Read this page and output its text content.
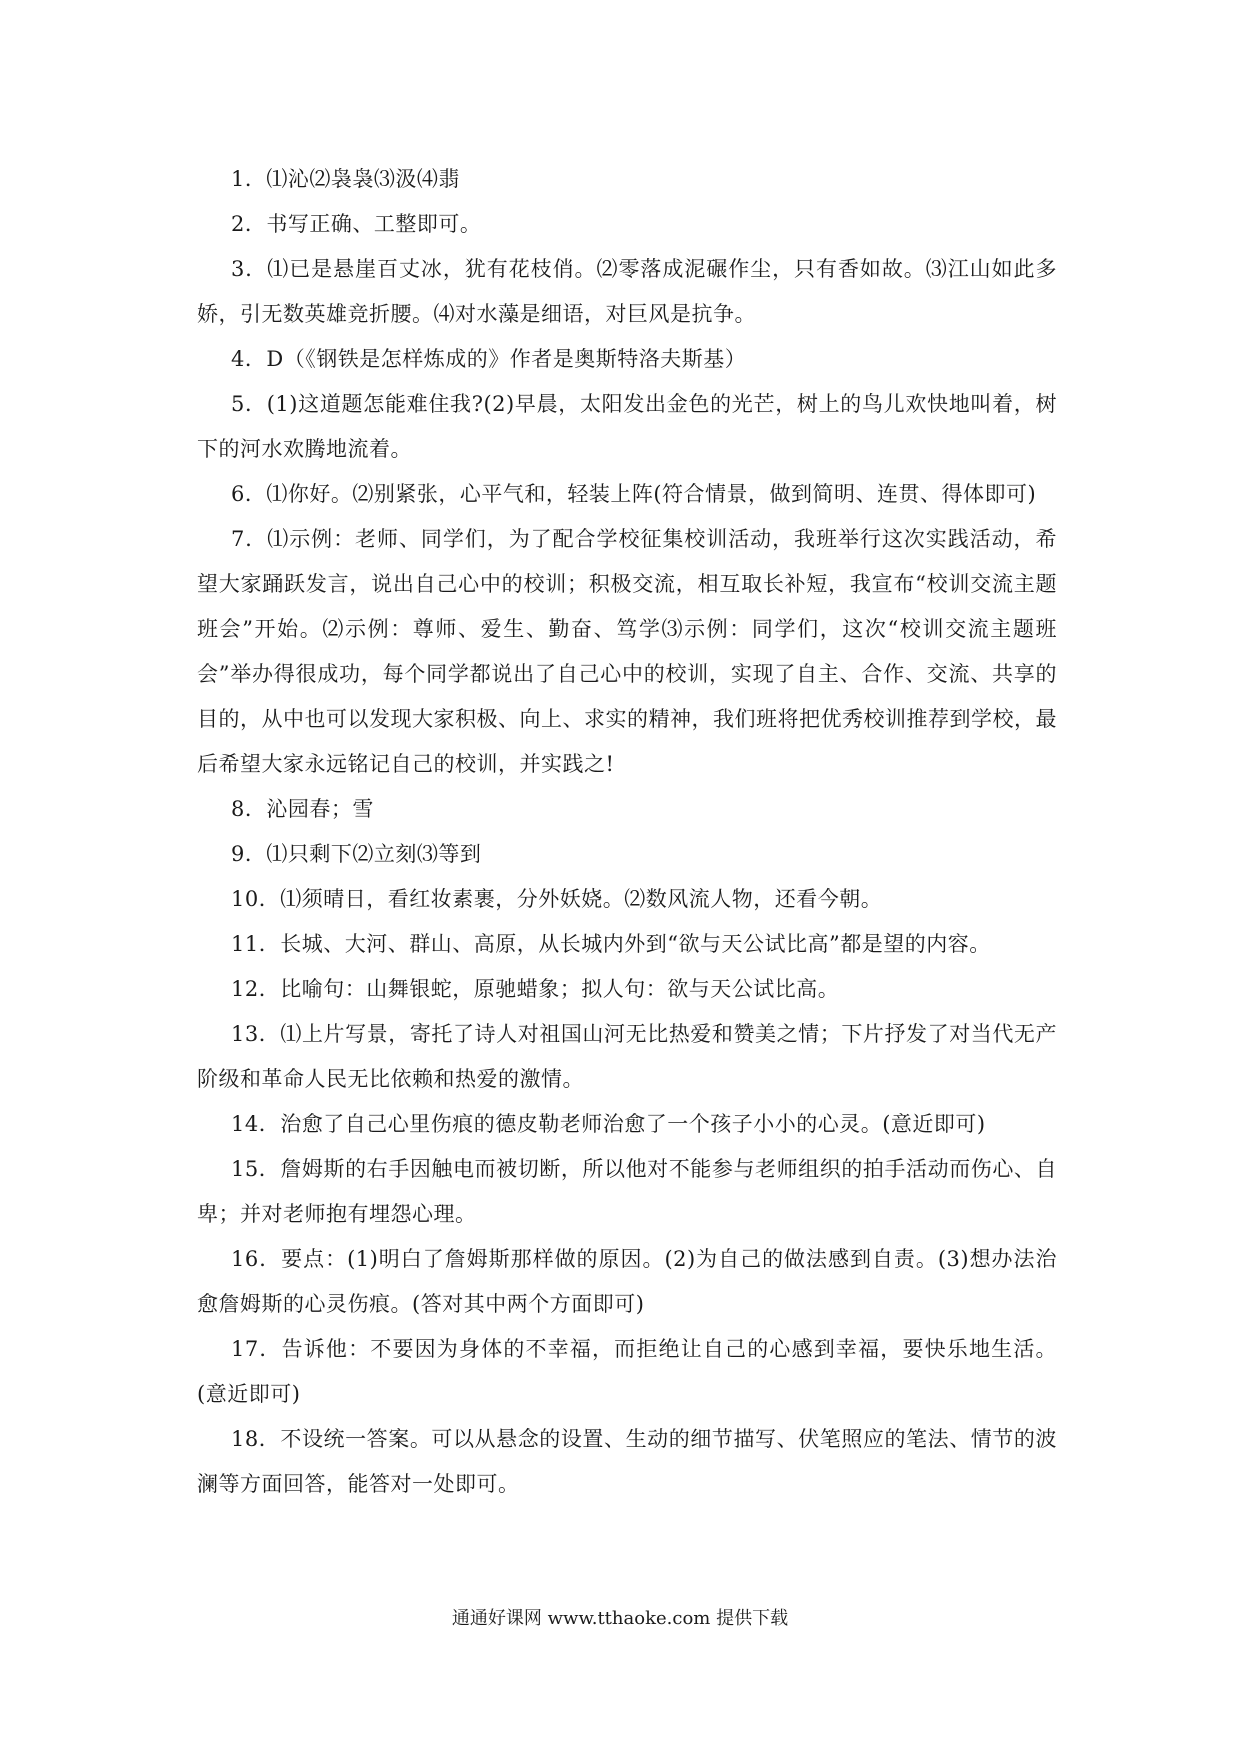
1．⑴沁⑵袅袅⑶汲⑷翡

2．书写正确、工整即可。

3．⑴已是悬崖百丈冰，犹有花枝俏。⑵零落成泥碾作尘，只有香如故。⑶江山如此多娇，引无数英雄竞折腰。⑷对水藻是细语，对巨风是抗争。

4．D（《钢铁是怎样炼成的》作者是奥斯特洛夫斯基）

5．(1)这道题怎能难住我?(2)早晨，太阳发出金色的光芒，树上的鸟儿欢快地叫着，树下的河水欢腾地流着。

6．⑴你好。⑵别紧张，心平气和，轻装上阵(符合情景，做到简明、连贯、得体即可)

7．⑴示例：老师、同学们，为了配合学校征集校训活动，我班举行这次实践活动，希望大家踊跃发言，说出自己心中的校训；积极交流，相互取长补短，我宣布“校训交流主题班会”开始。⑵示例：尊师、爱生、勤奋、笃学⑶示例：同学们，这次“校训交流主题班会”举办得很成功，每个同学都说出了自己心中的校训，实现了自主、合作、交流、共享的目的，从中也可以发现大家积极、向上、求实的精神，我们班将把优秀校训推荐到学校，最后希望大家永远铭记自己的校训，并实践之!

8．沁园春；雪

9．⑴只剩下⑵立刻⑶等到

10．⑴须晴日，看红妆素裹，分外妖娆。⑵数风流人物，还看今朝。

11．长城、大河、群山、高原，从长城内外到“欲与天公试比高”都是望的内容。

12．比喻句：山舞银蛇，原驰蜡象；拟人句：欲与天公试比高。

13．⑴上片写景，寄托了诗人对祖国山河无比热爱和赞美之情；下片抒发了对当代无产阶级和革命人民无比依赖和热爱的激情。

14．治愈了自己心里伤痕的德皮勒老师治愈了一个孩子小小的心灵。(意近即可)

15．詹姆斯的右手因触电而被切断，所以他对不能参与老师组织的拍手活动而伤心、自卑；并对老师抱有埋怨心理。

16．要点：(1)明白了詹姆斯那样做的原因。(2)为自己的做法感到自责。(3)想办法治愈詹姆斯的心灵伤痕。(答对其中两个方面即可)

17．告诉他：不要因为身体的不幸福，而拒绝让自己的心感到幸福，要快乐地生活。(意近即可)

18．不设统一答案。可以从悬念的设置、生动的细节描写、伏笔照应的笔法、情节的波澜等方面回答，能答对一处即可。

通通好课网 www.tthaoke.com 提供下载
